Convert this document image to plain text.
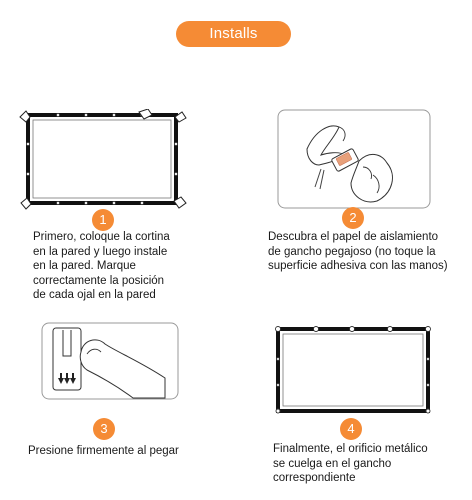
Installs
1
Primero, coloque la cortina
en la pared y luego instale
en la pared. Marque
correctamente la posición
de cada ojal en la pared
2
Descubra el papel de aislamiento
de gancho pegajoso (no toque la
superficie adhesiva con las manos)
3
Presione firmemente al pegar
4
Finalmente, el orificio metálico
se cuelga en el gancho
correspondiente
